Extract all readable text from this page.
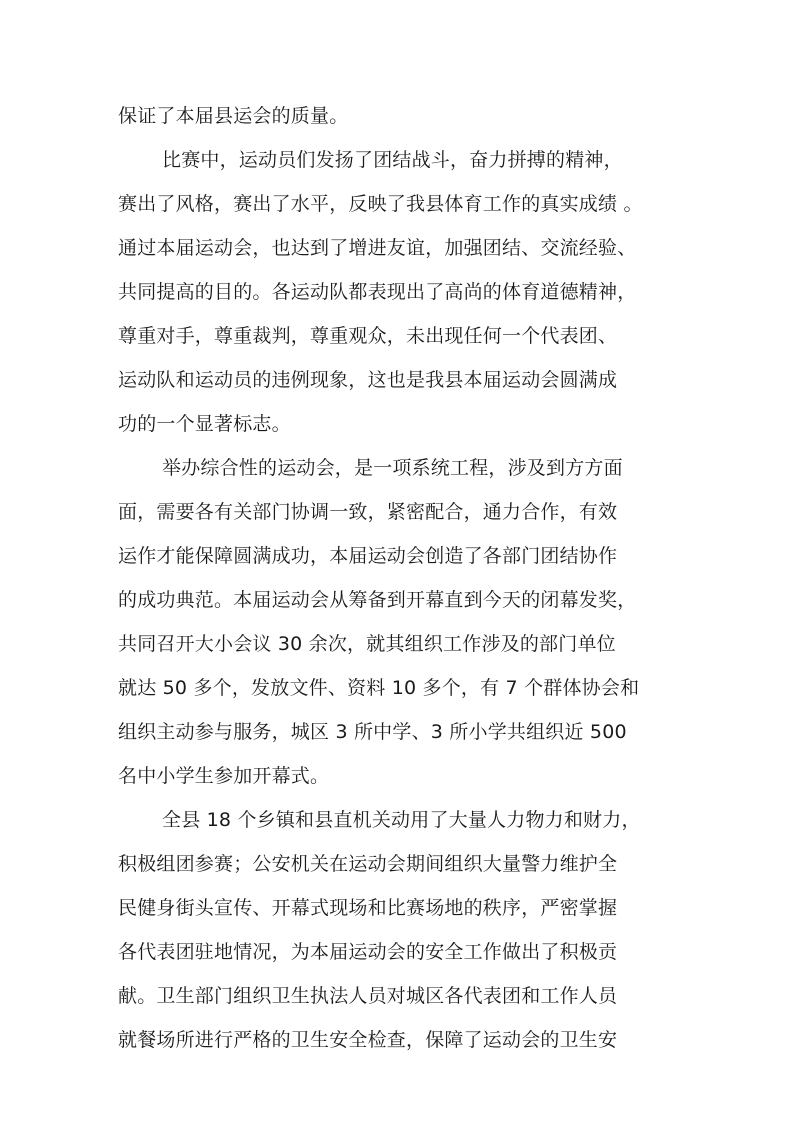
保证了本届县运会的质量。
比赛中，运动员们发扬了团结战斗，奋力拼搏的精神，
赛出了风格，赛出了水平，反映了我县体育工作的真实成绩 。
通过本届运动会，也达到了增进友谊，加强团结、交流经验、
共同提高的目的。各运动队都表现出了高尚的体育道德精神，
尊重对手，尊重裁判，尊重观众，未出现任何一个代表团、
运动队和运动员的违例现象，这也是我县本届运动会圆满成
功的一个显著标志。
举办综合性的运动会，是一项系统工程，涉及到方方面
面，需要各有关部门协调一致，紧密配合，通力合作，有效
运作才能保障圆满成功，本届运动会创造了各部门团结协作
的成功典范。本届运动会从筹备到开幕直到今天的闭幕发奖，
共同召开大小会议 30 余次，就其组织工作涉及的部门单位
就达 50 多个，发放文件、资料 10 多个，有 7 个群体协会和
组织主动参与服务，城区 3 所中学、3 所小学共组织近 500
名中小学生参加开幕式。
全县 18 个乡镇和县直机关动用了大量人力物力和财力，
积极组团参赛；公安机关在运动会期间组织大量警力维护全
民健身街头宣传、开幕式现场和比赛场地的秩序，严密掌握
各代表团驻地情况，为本届运动会的安全工作做出了积极贡
献。卫生部门组织卫生执法人员对城区各代表团和工作人员
就餐场所进行严格的卫生安全检查，保障了运动会的卫生安
